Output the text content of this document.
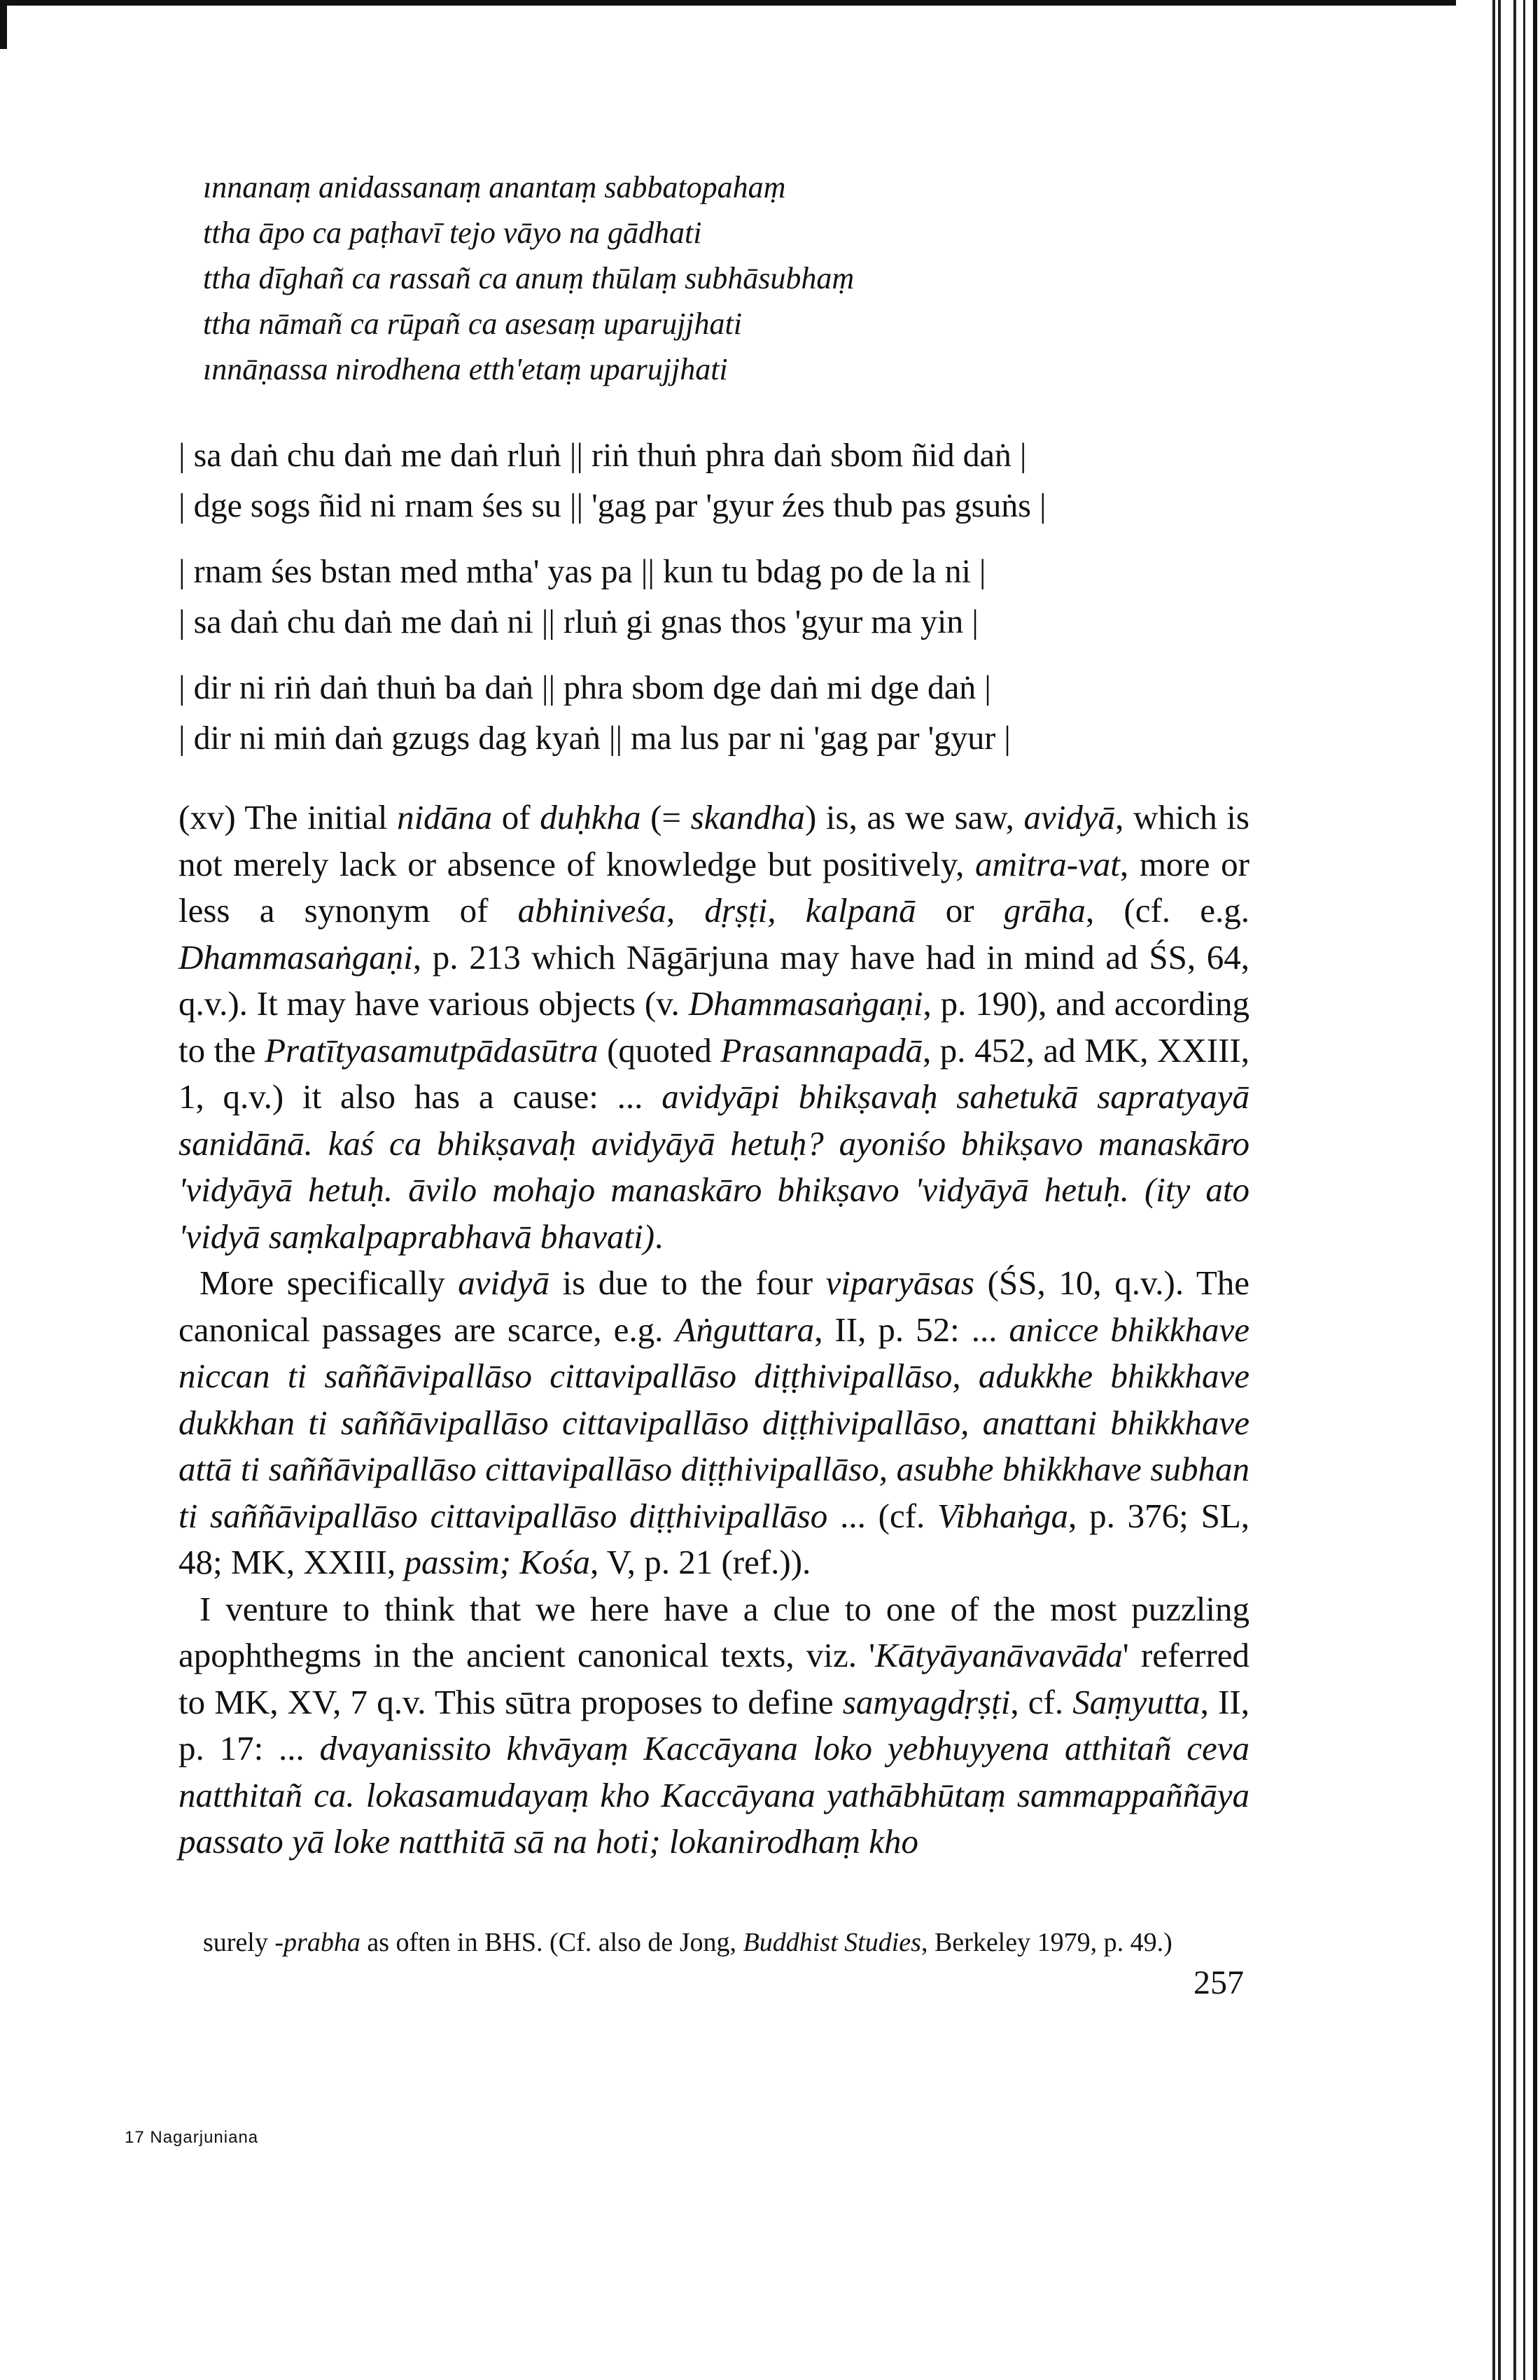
ınnanaṃ anidassanaṃ anantaṃ sabbatopahaṃ
ttha āpo ca paṭhavī tejo vāyo na gādhati
ttha dīghañ ca rassañ ca anuṃ thūlaṃ subhāsubhaṃ
ttha nāmañ ca rūpañ ca asesaṃ uparujjhati
ınnāṇassa nirodhena etth'etaṃ uparujjhati
| sa daṅ chu daṅ me daṅ rluṅ || riṅ thuṅ phra daṅ sbom ñid daṅ |
| dge sogs ñid ni rnam śes su || 'gag par 'gyur źes thub pas gsuṅs |
| rnam śes bstan med mtha' yas pa || kun tu bdag po de la ni |
| sa daṅ chu daṅ me daṅ ni || rluṅ gi gnas thos 'gyur ma yin |
| dir ni riṅ daṅ thuṅ ba daṅ || phra sbom dge daṅ mi dge daṅ |
| dir ni miṅ daṅ gzugs dag kyaṅ || ma lus par ni 'gag par 'gyur |

(xv) The initial nidāna of duḥkha (= skandha) is, as we saw, avidyā, which is not merely lack or absence of knowledge but positively, amitra-vat, more or less a synonym of abhiniveśa, dṛṣṭi, kalpanā or grāha, (cf. e.g. Dhammasaṅgaṇi, p. 213 which Nāgārjuna may have had in mind ad ŚS, 64, q.v.). It may have various objects (v. Dhammasaṅgaṇi, p. 190), and according to the Pratītyasamutpādasūtra (quoted Prasannapadā, p. 452, ad MK, XXIII, 1, q.v.) it also has a cause: ... avidyāpi bhikṣavaḥ sahetukā sapratyayā sanidānā. kaś ca bhikṣavaḥ avidyāyā hetuḥ? ayoniśo bhikṣavo manaskāro 'vidyāyā hetuḥ. āvilo mohajo manaskāro bhikṣavo 'vidyāyā hetuḥ. (ity ato 'vidyā saṃkalpaprabhavā bhavati).

More specifically avidyā is due to the four viparyāsas (ŚS, 10, q.v.). The canonical passages are scarce, e.g. Aṅguttara, II, p. 52: ... anicce bhikkhave niccan ti saññāvipallāso cittavipallāso diṭṭhivipallāso, adukkhe bhikkhave dukkhan ti saññāvipallāso cittavipallāso diṭṭhivipallāso, anattani bhikkhave attā ti saññāvipallāso cittavipallāso diṭṭhivipallāso, asubhe bhikkhave subhan ti saññāvipallāso cittavipallāso diṭṭhivipallāso ... (cf. Vibhaṅga, p. 376; SL, 48; MK, XXIII, passim; Kośa, V, p. 21 (ref.)).

I venture to think that we here have a clue to one of the most puzzling apophthegms in the ancient canonical texts, viz. 'Kātyāyanāvavāda' referred to MK, XV, 7 q.v. This sūtra proposes to define samyagdṛṣṭi, cf. Saṃyutta, II, p. 17: ... dvayanissito khvāyaṃ Kaccāyana loko yebhuyyena atthitañ ceva natthitañ ca. lokasamudayaṃ kho Kaccāyana yathābhūtaṃ sammappaññāya passato yā loke natthitā sā na hoti; lokanirodhaṃ kho

surely -prabha as often in BHS. (Cf. also de Jong, Buddhist Studies, Berkeley 1979, p. 49.)
257
17 Nagarjuniana
